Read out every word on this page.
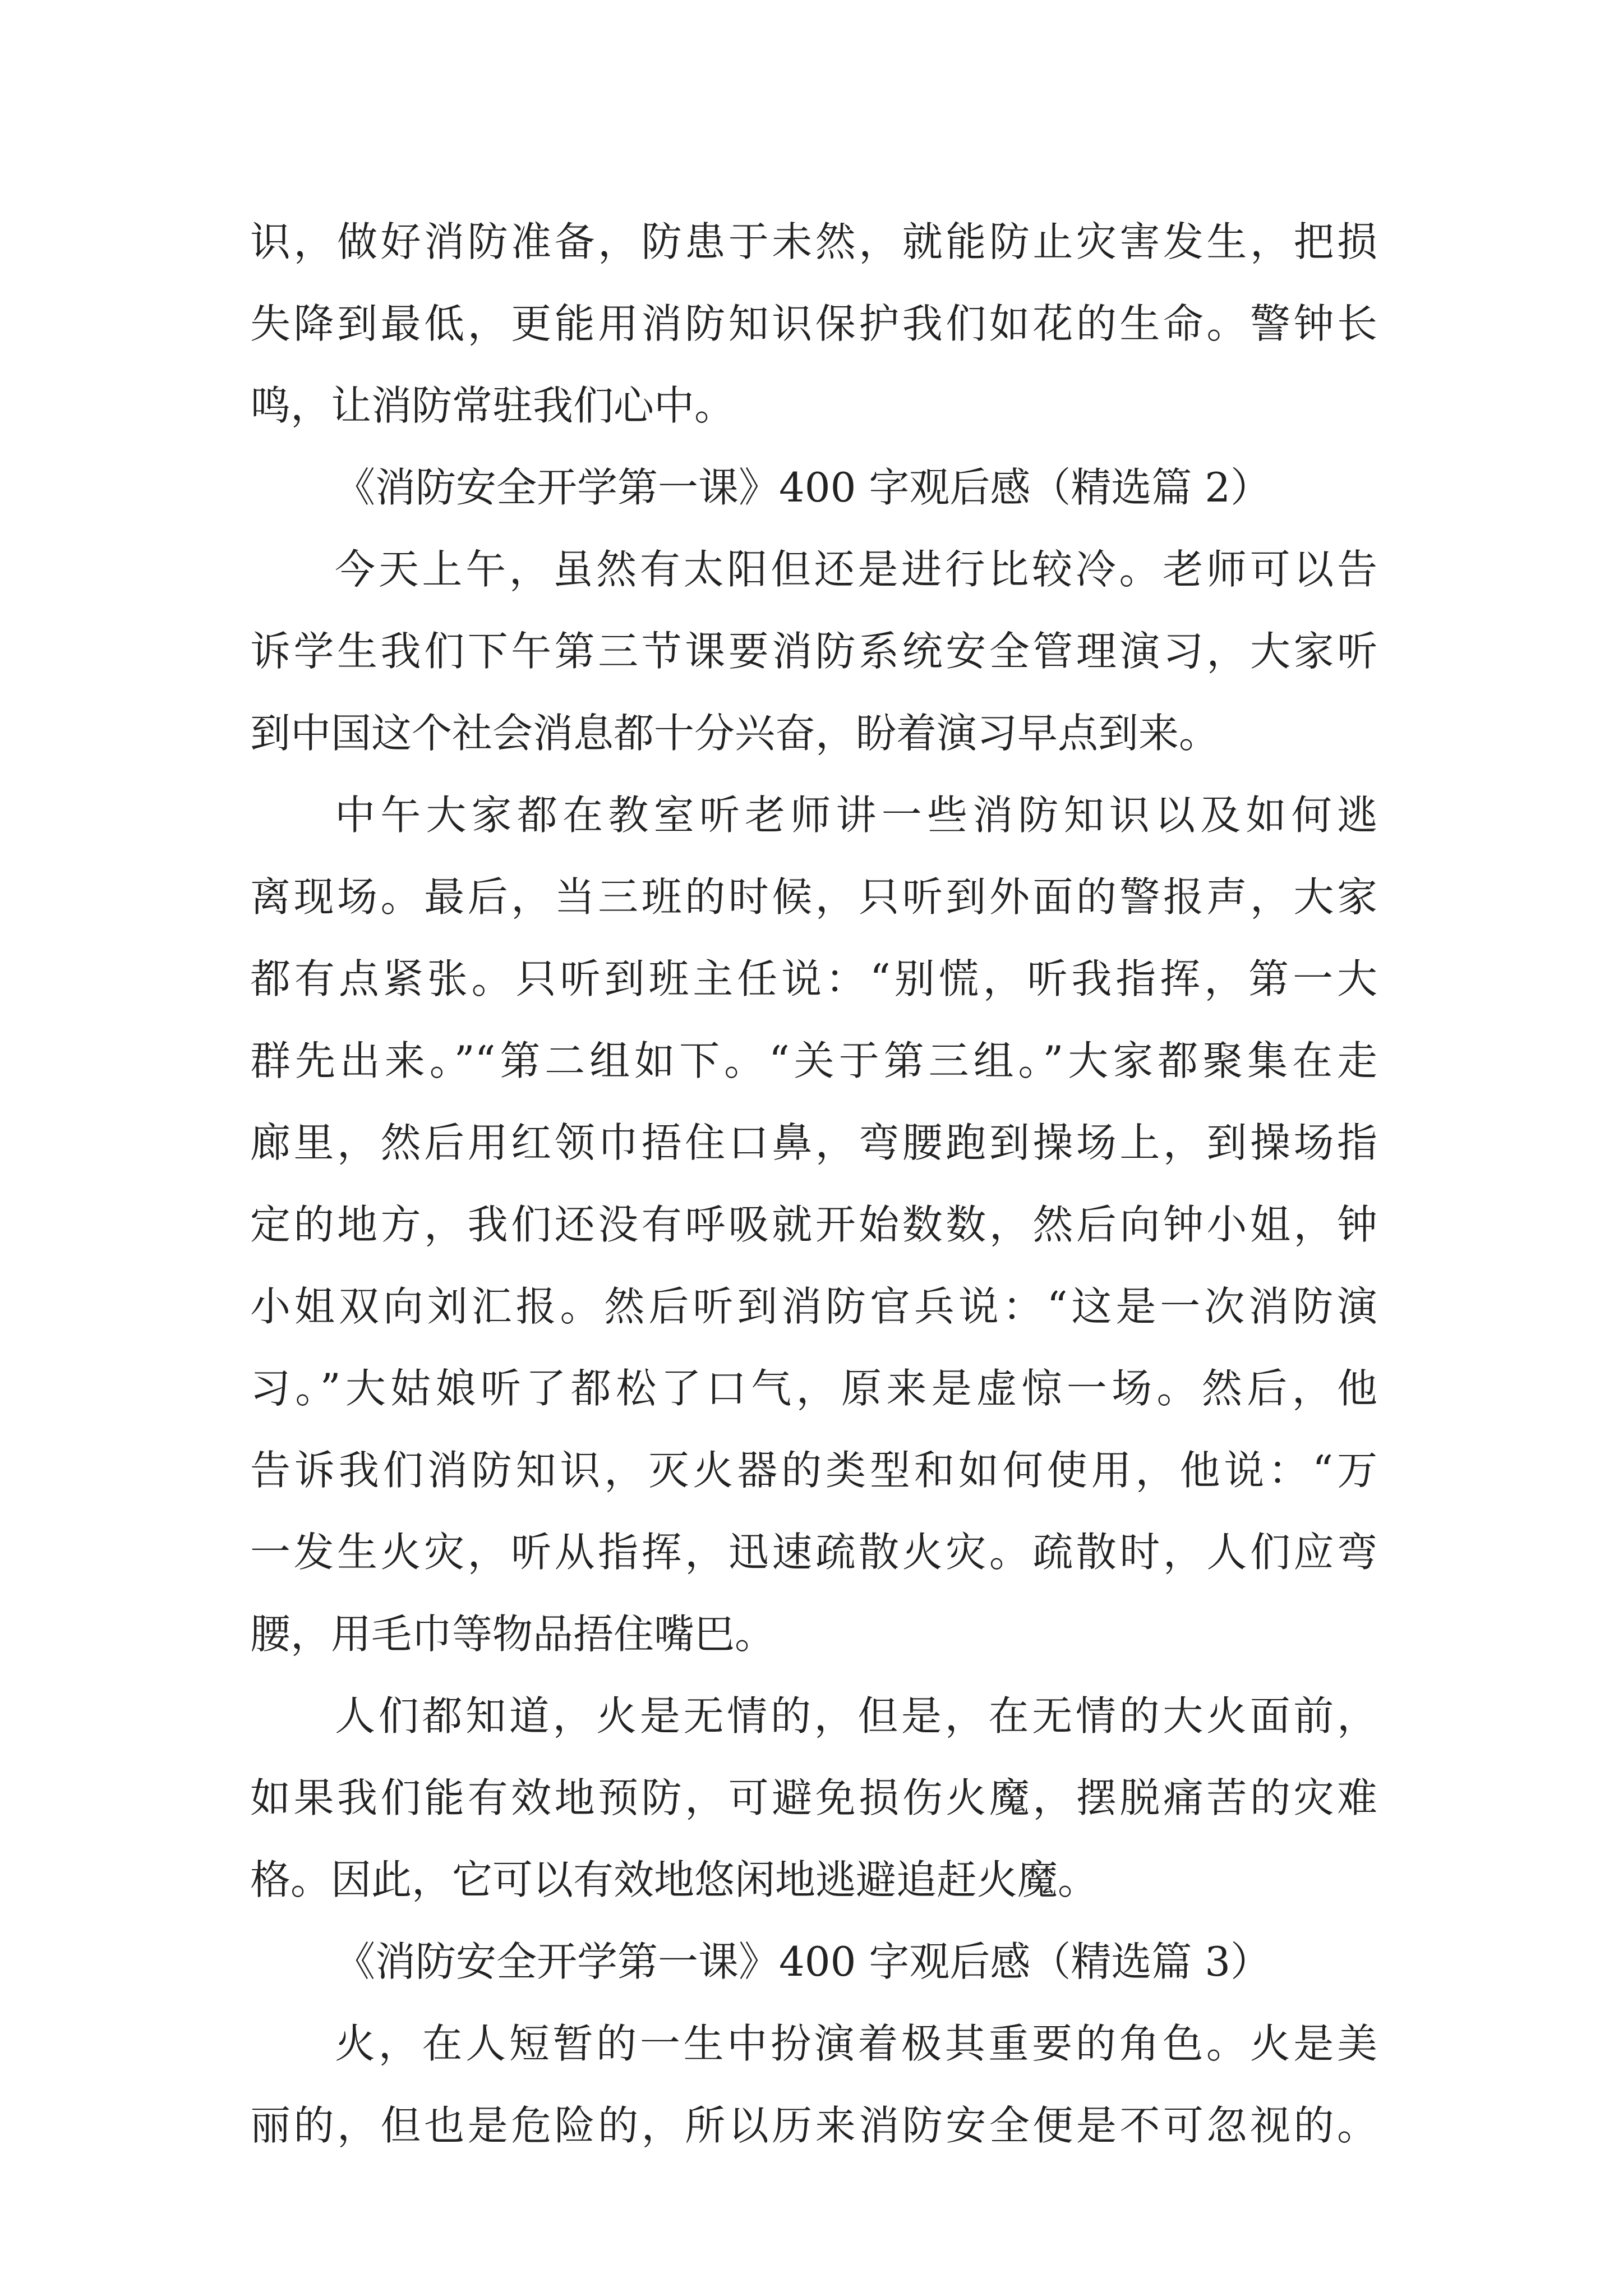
识，做好消防准备，防患于未然，就能防止灾害发生，把损

失降到最低，更能用消防知识保护我们如花的生命。警钟长

鸣，让消防常驻我们心中。

《消防安全开学第一课》400 字观后感（精选篇 2）

今天上午，虽然有太阳但还是进行比较冷。老师可以告

诉学生我们下午第三节课要消防系统安全管理演习，大家听

到中国这个社会消息都十分兴奋，盼着演习早点到来。

中午大家都在教室听老师讲一些消防知识以及如何逃

离现场。最后，当三班的时候，只听到外面的警报声，大家

都有点紧张。只听到班主任说：“别慌，听我指挥，第一大

群先出来。”“第二组如下。“关于第三组。”大家都聚集在走

廊里，然后用红领巾捂住口鼻，弯腰跑到操场上，到操场指

定的地方，我们还没有呼吸就开始数数，然后向钟小姐，钟

小姐双向刘汇报。然后听到消防官兵说：“这是一次消防演

习。”大姑娘听了都松了口气，原来是虚惊一场。然后，他

告诉我们消防知识，灭火器的类型和如何使用，他说：“万

一发生火灾，听从指挥，迅速疏散火灾。疏散时，人们应弯

腰，用毛巾等物品捂住嘴巴。

人们都知道，火是无情的，但是，在无情的大火面前，

如果我们能有效地预防，可避免损伤火魔，摆脱痛苦的灾难

格。因此，它可以有效地悠闲地逃避追赶火魔。

《消防安全开学第一课》400 字观后感（精选篇 3）

火，在人短暂的一生中扮演着极其重要的角色。火是美

丽的，但也是危险的，所以历来消防安全便是不可忽视的。
